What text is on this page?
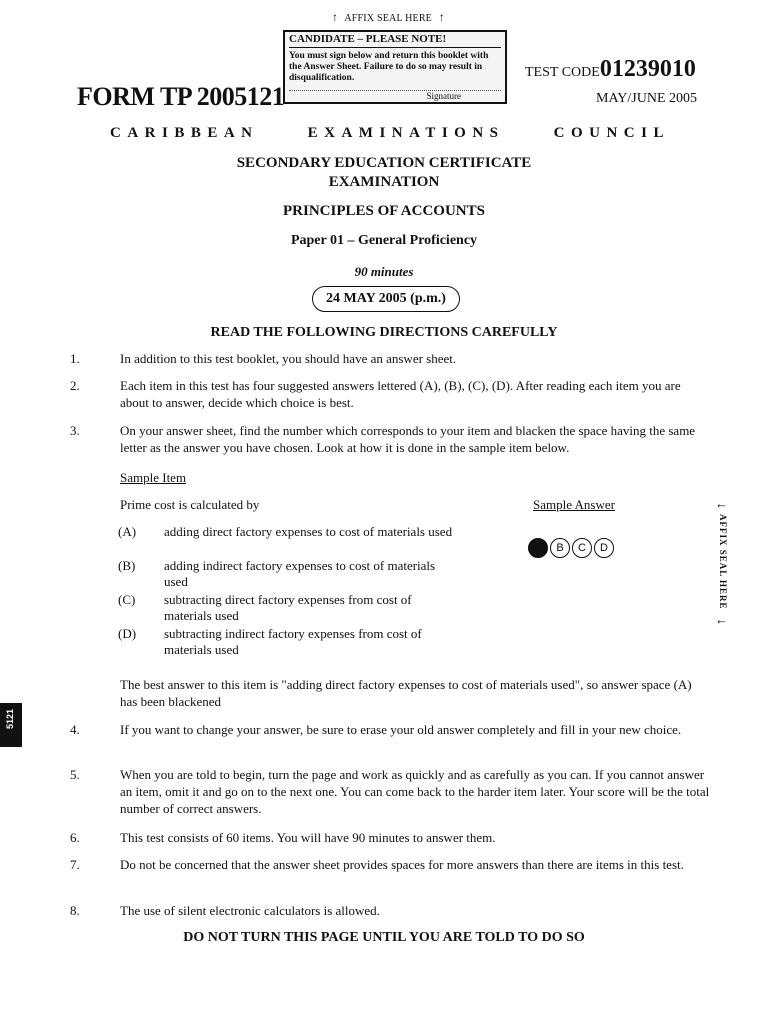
↑ AFFIX SEAL HERE ↑
CANDIDATE – PLEASE NOTE!
You must sign below and return this booklet with the Answer Sheet. Failure to do so may result in disqualification.
Signature
FORM TP 2005121
TEST CODE01239010
MAY/JUNE 2005
CARIBBEAN	EXAMINATIONS	COUNCIL
SECONDARY EDUCATION CERTIFICATE
EXAMINATION
PRINCIPLES OF ACCOUNTS
Paper 01 – General Proficiency
90 minutes
24 MAY 2005 (p.m.)
READ THE FOLLOWING DIRECTIONS CAREFULLY
1.	In addition to this test booklet, you should have an answer sheet.
2.	Each item in this test has four suggested answers lettered (A), (B), (C), (D). After reading each item you are about to answer, decide which choice is best.
3.	On your answer sheet, find the number which corresponds to your item and blacken the space having the same letter as the answer you have chosen. Look at how it is done in the sample item below.
Sample Item
Prime cost is calculated by	Sample Answer
(A)	adding direct factory expenses to cost of materials used
(B)	adding indirect factory expenses to cost of materials used
(C)	subtracting direct factory expenses from cost of materials used
(D)	subtracting indirect factory expenses from cost of materials used
B	C	D
The best answer to this item is "adding direct factory expenses to cost of materials used", so answer space (A) has been blackened
4.	If you want to change your answer, be sure to erase your old answer completely and fill in your new choice.
5.	When you are told to begin, turn the page and work as quickly and as carefully as you can. If you cannot answer an item, omit it and go on to the next one. You can come back to the harder item later. Your score will be the total number of correct answers.
6.	This test consists of 60 items. You will have 90 minutes to answer them.
7.	Do not be concerned that the answer sheet provides spaces for more answers than there are items in this test.
8.	The use of silent electronic calculators is allowed.
←
AFFIX SEAL HERE
←
5121
DO NOT TURN THIS PAGE UNTIL YOU ARE TOLD TO DO SO
